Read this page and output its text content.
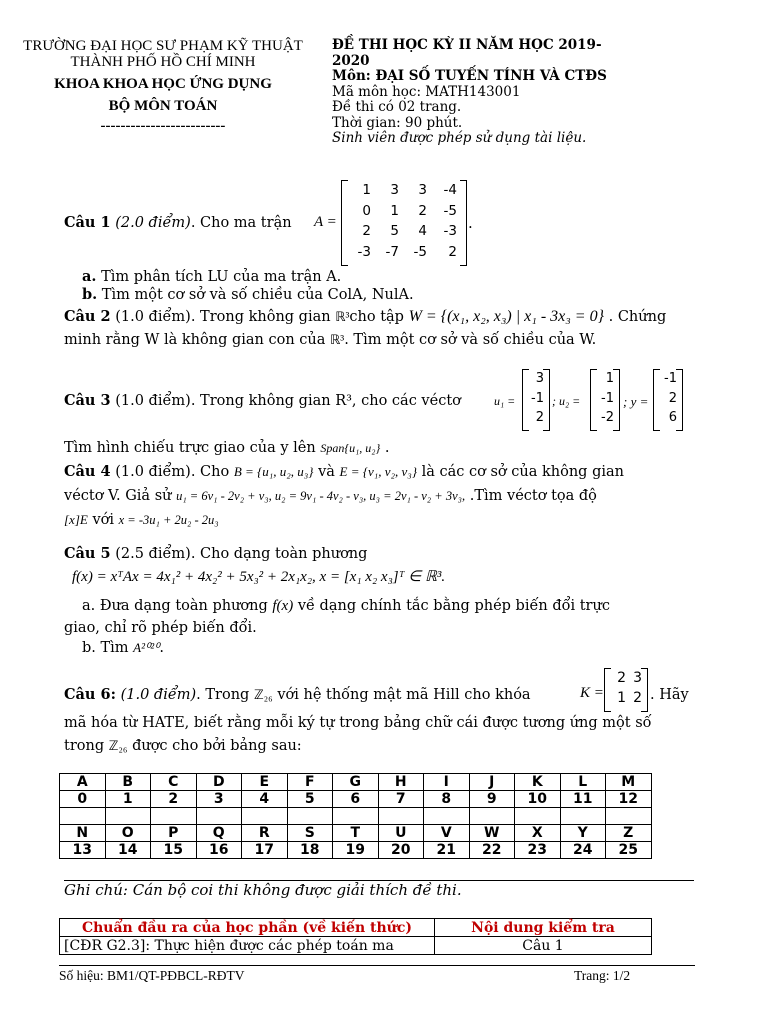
TRƯỜNG ĐẠI HỌC SƯ PHẠM KỸ THUẬT
THÀNH PHỐ HỒ CHÍ MINH
KHOA KHOA HỌC ỨNG DỤNG
BỘ MÔN TOÁN
-------------------------
ĐỀ THI HỌC KỲ II NĂM HỌC 2019-
2020
Môn: ĐẠI SỐ TUYẾN TÍNH VÀ CTĐS
Mã môn học: MATH143001
Đề thi có 02 trang.
Thời gian: 90 phút.
Sinh viên được phép sử dụng tài liệu.
Câu 1 (2.0 điểm). Cho ma trận A =
1	3	3	-4
0	1	2	-5
2	5	4	-3
-3	-7	-5	2
.
a. Tìm phân tích LU của ma trận A.
b. Tìm một cơ sở và số chiều của ColA, NulA.
Câu 2 (1.0 điểm). Trong không gian ℝ³cho tập W = {(x₁, x₂, x₃) | x₁ - 3x₃ = 0} . Chứng
minh rằng W là không gian con của ℝ³. Tìm một cơ sở và số chiều của W.
Câu 3 (1.0 điểm). Trong không gian R³, cho các véctơ	u₁ =
3
-1
2
; u₂ =
1
-1
-2
; y =
-1
2
6
Tìm hình chiếu trực giao của y lên Span{u₁, u₂} .
Câu 4 (1.0 điểm). Cho B = {u₁, u₂, u₃} và E = {v₁, v₂, v₃} là các cơ sở của không gian
véctơ V. Giả sử u₁ = 6v₁ - 2v₂ + v₃, u₂ = 9v₁ - 4v₂ - v₃, u₃ = 2v₁ - v₂ + 3v₃, .Tìm véctơ tọa độ
[x]E với x = -3u₁ + 2u₂ - 2u₃
Câu 5 (2.5 điểm). Cho dạng toàn phương
f(x) = xᵀAx = 4x₁² + 4x₂² + 5x₃² + 2x₁x₂, x = [x₁ x₂ x₃]ᵀ ∈ ℝ³.
a. Đưa dạng toàn phương f(x) về dạng chính tắc bằng phép biến đổi trực
giao, chỉ rõ phép biến đổi.
b. Tìm A²⁰²⁰.
Câu 6: (1.0 điểm). Trong ℤ₂₆ với hệ thống mật mã Hill cho khóa	K =
2 3
1 2 . Hãy
mã hóa từ HATE, biết rằng mỗi ký tự trong bảng chữ cái được tương ứng một số
trong ℤ₂₆ được cho bởi bảng sau:
A	B	C	D	E	F	G	H	I	J	K	L	M
0	1	2	3	4	5	6	7	8	9	10	11	12

N	O	P	Q	R	S	T	U	V	W	X	Y	Z
13	14	15	16	17	18	19	20	21	22	23	24	25
Ghi chú: Cán bộ coi thi không được giải thích đề thi.
Chuẩn đầu ra của học phần (về kiến thức)	Nội dung kiểm tra
[CĐR G2.3]: Thực hiện được các phép toán ma	Câu 1
Số hiệu: BM1/QT-PĐBCL-RĐTV	Trang: 1/2
